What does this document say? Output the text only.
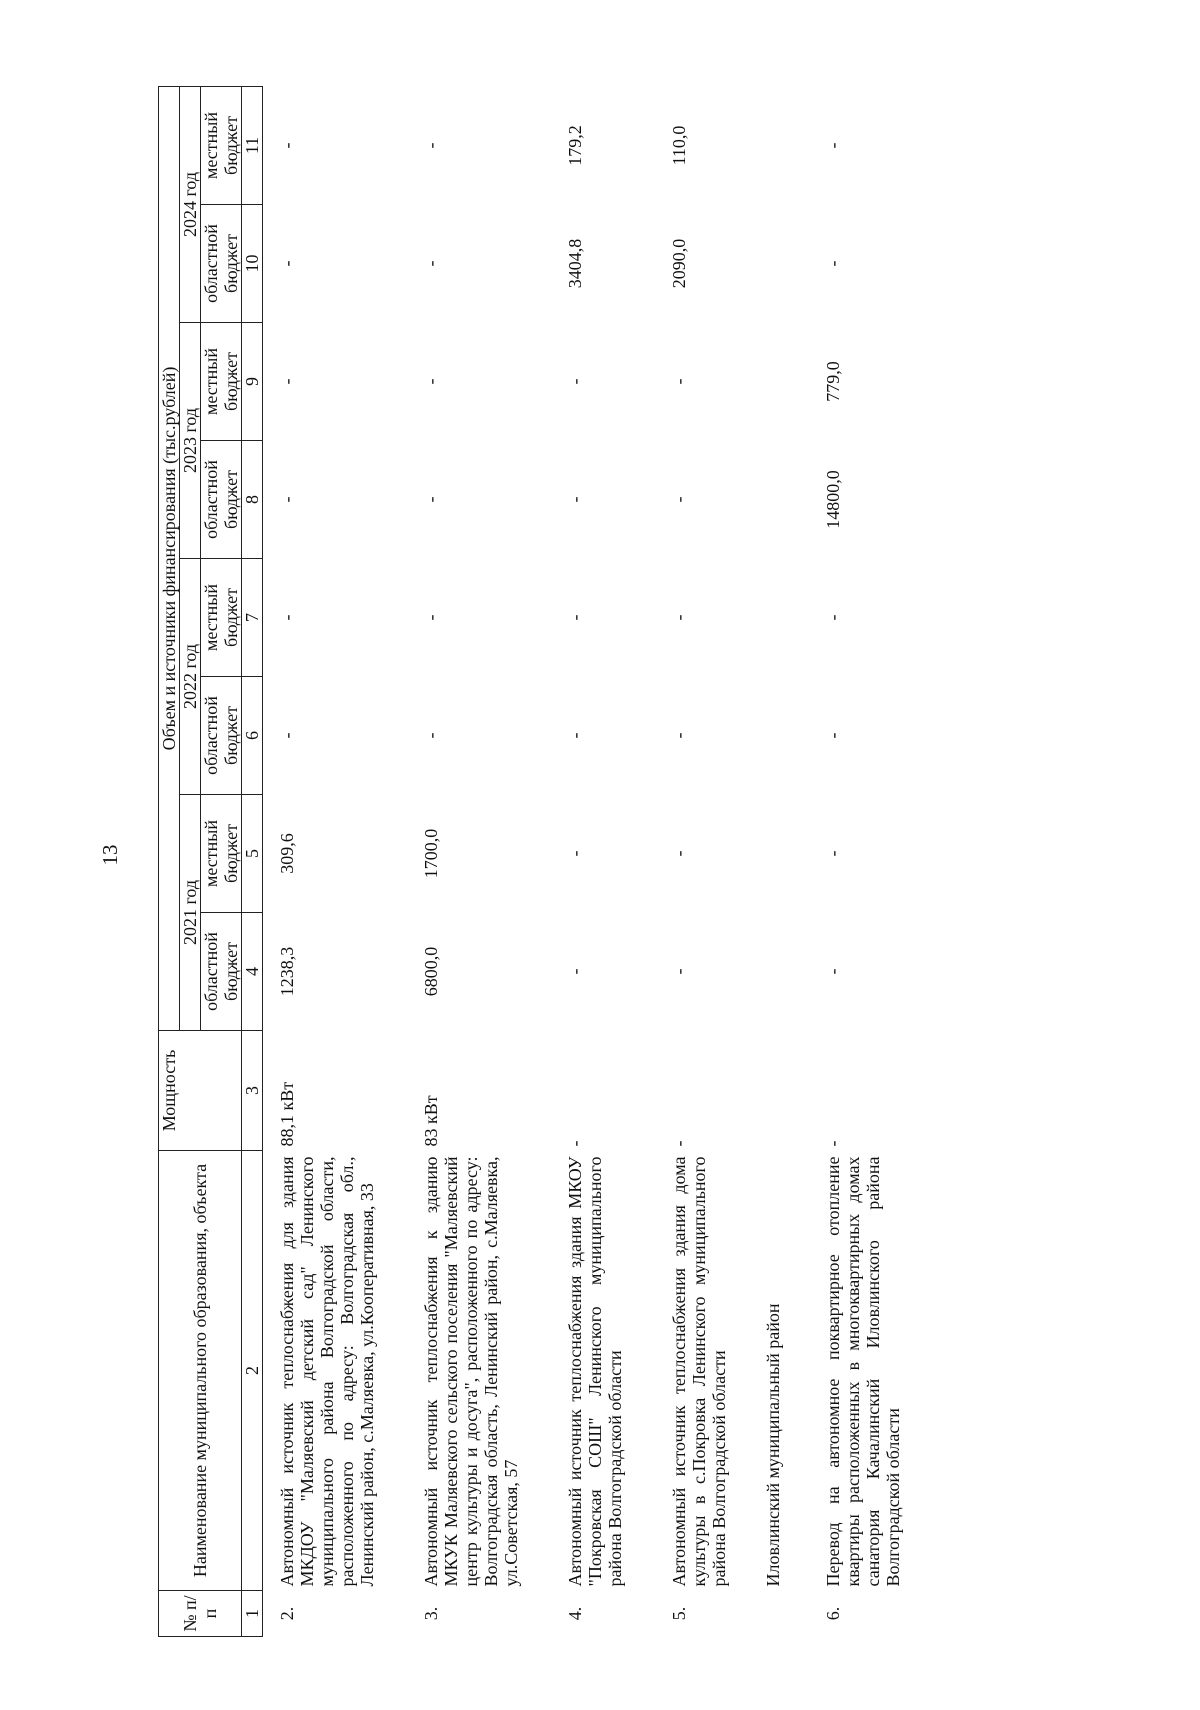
13
№ п/п	Наименование муниципального образования, объекта	Мощность	Объем и источники финансирования (тыс.рублей)							
			2021 год		2022 год		2023 год		2024 год	
			областной бюджет	местный бюджет	областной бюджет	местный бюджет	областной бюджет	местный бюджет	областной бюджет	местный бюджет
1	2	3	4	5	6	7	8	9	10	11
2.	Автономный источник теплоснабжения для здания МКДОУ "Маляевский детский сад" Ленинского муниципального района Волгоградской области, расположенного по адресу: Волгоградская обл., Ленинский район, с.Маляевка, ул.Кооперативная, 33	88,1 кВт	1238,3	309,6	-	-	-	-	-	-
3.	Автономный источник теплоснабжения к зданию МКУК Маляевского сельского поселения "Маляевский центр культуры и досуга", расположенного по адресу: Волгоградская область, Ленинский район, с.Маляевка, ул.Советская, 57	83 кВт	6800,0	1700,0	-	-	-	-	-	-
4.	Автономный источник теплоснабжения здания МКОУ "Покровская СОШ" Ленинского муниципального района Волгоградской области	-	-	-	-	-	-	-	3404,8	179,2
5.	Автономный источник теплоснабжения здания дома культуры в с.Покровка Ленинского муниципального района Волгоградской области	-	-	-	-	-	-	-	2090,0	110,0
	Иловлинский муниципальный район									
6.	Перевод на автономное поквартирное отопление квартиры расположенных в многоквартирных домах санатория Качалинский Иловлинского района Волгоградской области	-	-	-	-	-	14800,0	779,0	-	-
